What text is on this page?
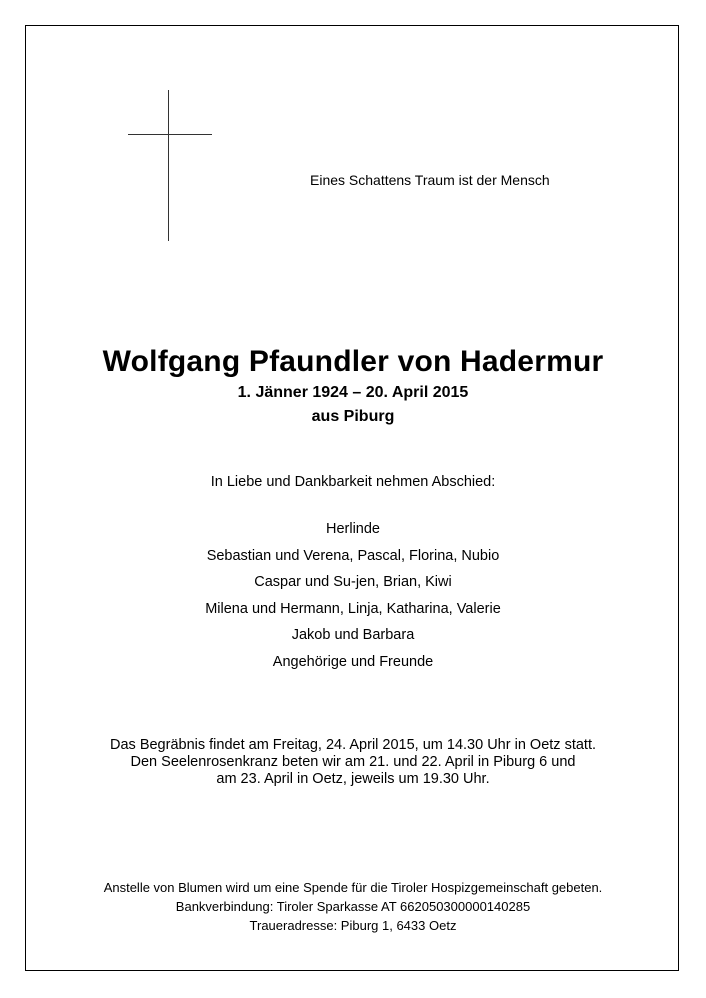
Eines Schattens Traum ist der Mensch
Wolfgang Pfaundler von Hadermur
1. Jänner 1924 – 20. April 2015
aus Piburg
In Liebe und Dankbarkeit nehmen Abschied:
Herlinde
Sebastian und Verena, Pascal, Florina, Nubio
Caspar und Su-jen, Brian, Kiwi
Milena und Hermann, Linja, Katharina, Valerie
Jakob und Barbara
Angehörige und Freunde
Das Begräbnis findet am Freitag, 24. April 2015, um 14.30 Uhr in Oetz statt.
Den Seelenrosenkranz beten wir am 21. und 22. April in Piburg 6 und
am 23. April in Oetz, jeweils um 19.30 Uhr.
Anstelle von Blumen wird um eine Spende für die Tiroler Hospizgemeinschaft gebeten.
Bankverbindung: Tiroler Sparkasse AT 662050300000140285
Traueradresse: Piburg 1, 6433 Oetz
